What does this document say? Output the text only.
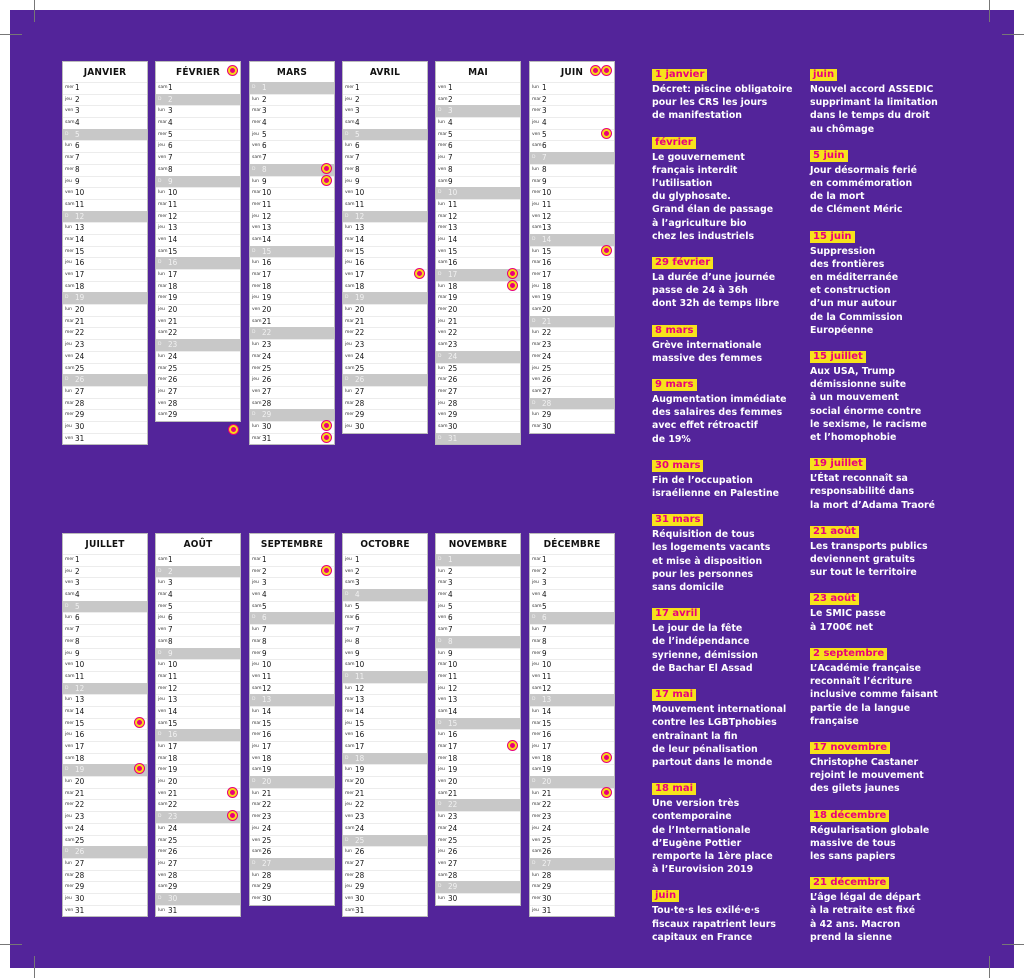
JANVIER
mer 1
jeu 2
ven 3
sam 4
D 5
lun 6
mar 7
mer 8
jeu 9
ven 10
sam 11
D 12
lun 13
mar 14
mer 15
jeu 16
ven 17
sam 18
D 19
lun 20
mar 21
mer 22
jeu 23
ven 24
sam 25
D 26
lun 27
mar 28
mer 29
jeu 30
ven 31
FÉVRIER
sam 1
D 2
lun 3
mar 4
mer 5
jeu 6
ven 7
sam 8
D 9
lun 10
mar 11
mer 12
jeu 13
ven 14
sam 15
D 16
lun 17
mar 18
mer 19
jeu 20
ven 21
sam 22
D 23
lun 24
mar 25
mer 26
jeu 27
ven 28
sam 29
MARS
D 1
lun 2
mar 3
mer 4
jeu 5
ven 6
sam 7
D 8
lun 9
mar 10
mer 11
jeu 12
ven 13
sam 14
D 15
lun 16
mar 17
mer 18
jeu 19
ven 20
sam 21
D 22
lun 23
mar 24
mer 25
jeu 26
ven 27
sam 28
D 29
lun 30
mar 31
AVRIL
mer 1
jeu 2
ven 3
sam 4
D 5
lun 6
mar 7
mer 8
jeu 9
ven 10
sam 11
D 12
lun 13
mar 14
mer 15
jeu 16
ven 17
sam 18
D 19
lun 20
mar 21
mer 22
jeu 23
ven 24
sam 25
D 26
lun 27
mar 28
mer 29
jeu 30
MAI
ven 1
sam 2
D 3
lun 4
mar 5
mer 6
jeu 7
ven 8
sam 9
D 10
lun 11
mar 12
mer 13
jeu 14
ven 15
sam 16
D 17
lun 18
mar 19
mer 20
jeu 21
ven 22
sam 23
D 24
lun 25
mar 26
mer 27
jeu 28
ven 29
sam 30
D 31
JUIN
lun 1
mar 2
mer 3
jeu 4
ven 5
sam 6
D 7
lun 8
mar 9
mer 10
jeu 11
ven 12
sam 13
D 14
lun 15
mar 16
mer 17
jeu 18
ven 19
sam 20
D 21
lun 22
mar 23
mer 24
jeu 25
ven 26
sam 27
D 28
lun 29
mar 30
JUILLET
mer 1
jeu 2
ven 3
sam 4
D 5
lun 6
mar 7
mer 8
jeu 9
ven 10
sam 11
D 12
lun 13
mar 14
mer 15
jeu 16
ven 17
sam 18
D 19
lun 20
mar 21
mer 22
jeu 23
ven 24
sam 25
D 26
lun 27
mar 28
mer 29
jeu 30
ven 31
AOÛT
sam 1
D 2
lun 3
mar 4
mer 5
jeu 6
ven 7
sam 8
D 9
lun 10
mar 11
mer 12
jeu 13
ven 14
sam 15
D 16
lun 17
mar 18
mer 19
jeu 20
ven 21
sam 22
D 23
lun 24
mar 25
mer 26
jeu 27
ven 28
sam 29
D 30
lun 31
SEPTEMBRE
mar 1
mer 2
jeu 3
ven 4
sam 5
D 6
lun 7
mar 8
mer 9
jeu 10
ven 11
sam 12
D 13
lun 14
mar 15
mer 16
jeu 17
ven 18
sam 19
D 20
lun 21
mar 22
mer 23
jeu 24
ven 25
sam 26
D 27
lun 28
mar 29
mer 30
OCTOBRE
jeu 1
ven 2
sam 3
D 4
lun 5
mar 6
mer 7
jeu 8
ven 9
sam 10
D 11
lun 12
mar 13
mer 14
jeu 15
ven 16
sam 17
D 18
lun 19
mar 20
mer 21
jeu 22
ven 23
sam 24
D 25
lun 26
mar 27
mer 28
jeu 29
ven 30
sam 31
NOVEMBRE
D 1
lun 2
mar 3
mer 4
jeu 5
ven 6
sam 7
D 8
lun 9
mar 10
mer 11
jeu 12
ven 13
sam 14
D 15
lun 16
mar 17
mer 18
jeu 19
ven 20
sam 21
D 22
lun 23
mar 24
mer 25
jeu 26
ven 27
sam 28
D 29
lun 30
DÉCEMBRE
mar 1
mer 2
jeu 3
ven 4
sam 5
D 6
lun 7
mar 8
mer 9
jeu 10
ven 11
sam 12
D 13
lun 14
mar 15
mer 16
jeu 17
ven 18
sam 19
D 20
lun 21
mar 22
mer 23
jeu 24
ven 25
sam 26
D 27
lun 28
mar 29
mer 30
jeu 31
1 janvier
Décret: piscine obligatoire
pour les CRS les jours
de manifestation
février
Le gouvernement
français interdit
l’utilisation
du glyphosate.
Grand élan de passage
à l’agriculture bio
chez les industriels
29 février
La durée d’une journée
passe de 24 à 36h
dont 32h de temps libre
8 mars
Grève internationale
massive des femmes
9 mars
Augmentation immédiate
des salaires des femmes
avec effet rétroactif
de 19%
30 mars
Fin de l’occupation
israélienne en Palestine
31 mars
Réquisition de tous
les logements vacants
et mise à disposition
pour les personnes
sans domicile
17 avril
Le jour de la fête
de l’indépendance
syrienne, démission
de Bachar El Assad
17 mai
Mouvement international
contre les LGBTphobies
entraînant la fin
de leur pénalisation
partout dans le monde
18 mai
Une version très
contemporaine
de l’Internationale
d’Eugène Pottier
remporte la 1ère place
à l’Eurovision 2019
juin
Tou·te·s les exilé·e·s
fiscaux rapatrient leurs
capitaux en France
juin
Nouvel accord ASSEDIC
supprimant la limitation
dans le temps du droit
au chômage
5 juin
Jour désormais ferié
en commémoration
de la mort
de Clément Méric
15 juin
Suppression
des frontières
en méditerranée
et construction
d’un mur autour
de la Commission
Européenne
15 juillet
Aux USA, Trump
démissionne suite
à un mouvement
social énorme contre
le sexisme, le racisme
et l’homophobie
19 juillet
L’État reconnaît sa
responsabilité dans
la mort d’Adama Traoré
21 août
Les transports publics
deviennent gratuits
sur tout le territoire
23 août
Le SMIC passe
à 1700€ net
2 septembre
L’Académie française
reconnaît l’écriture
inclusive comme faisant
partie de la langue
française
17 novembre
Christophe Castaner
rejoint le mouvement
des gilets jaunes
18 décembre
Régularisation globale
massive de tous
les sans papiers
21 décembre
L’âge légal de départ
à la retraite est fixé
à 42 ans. Macron
prend la sienne
